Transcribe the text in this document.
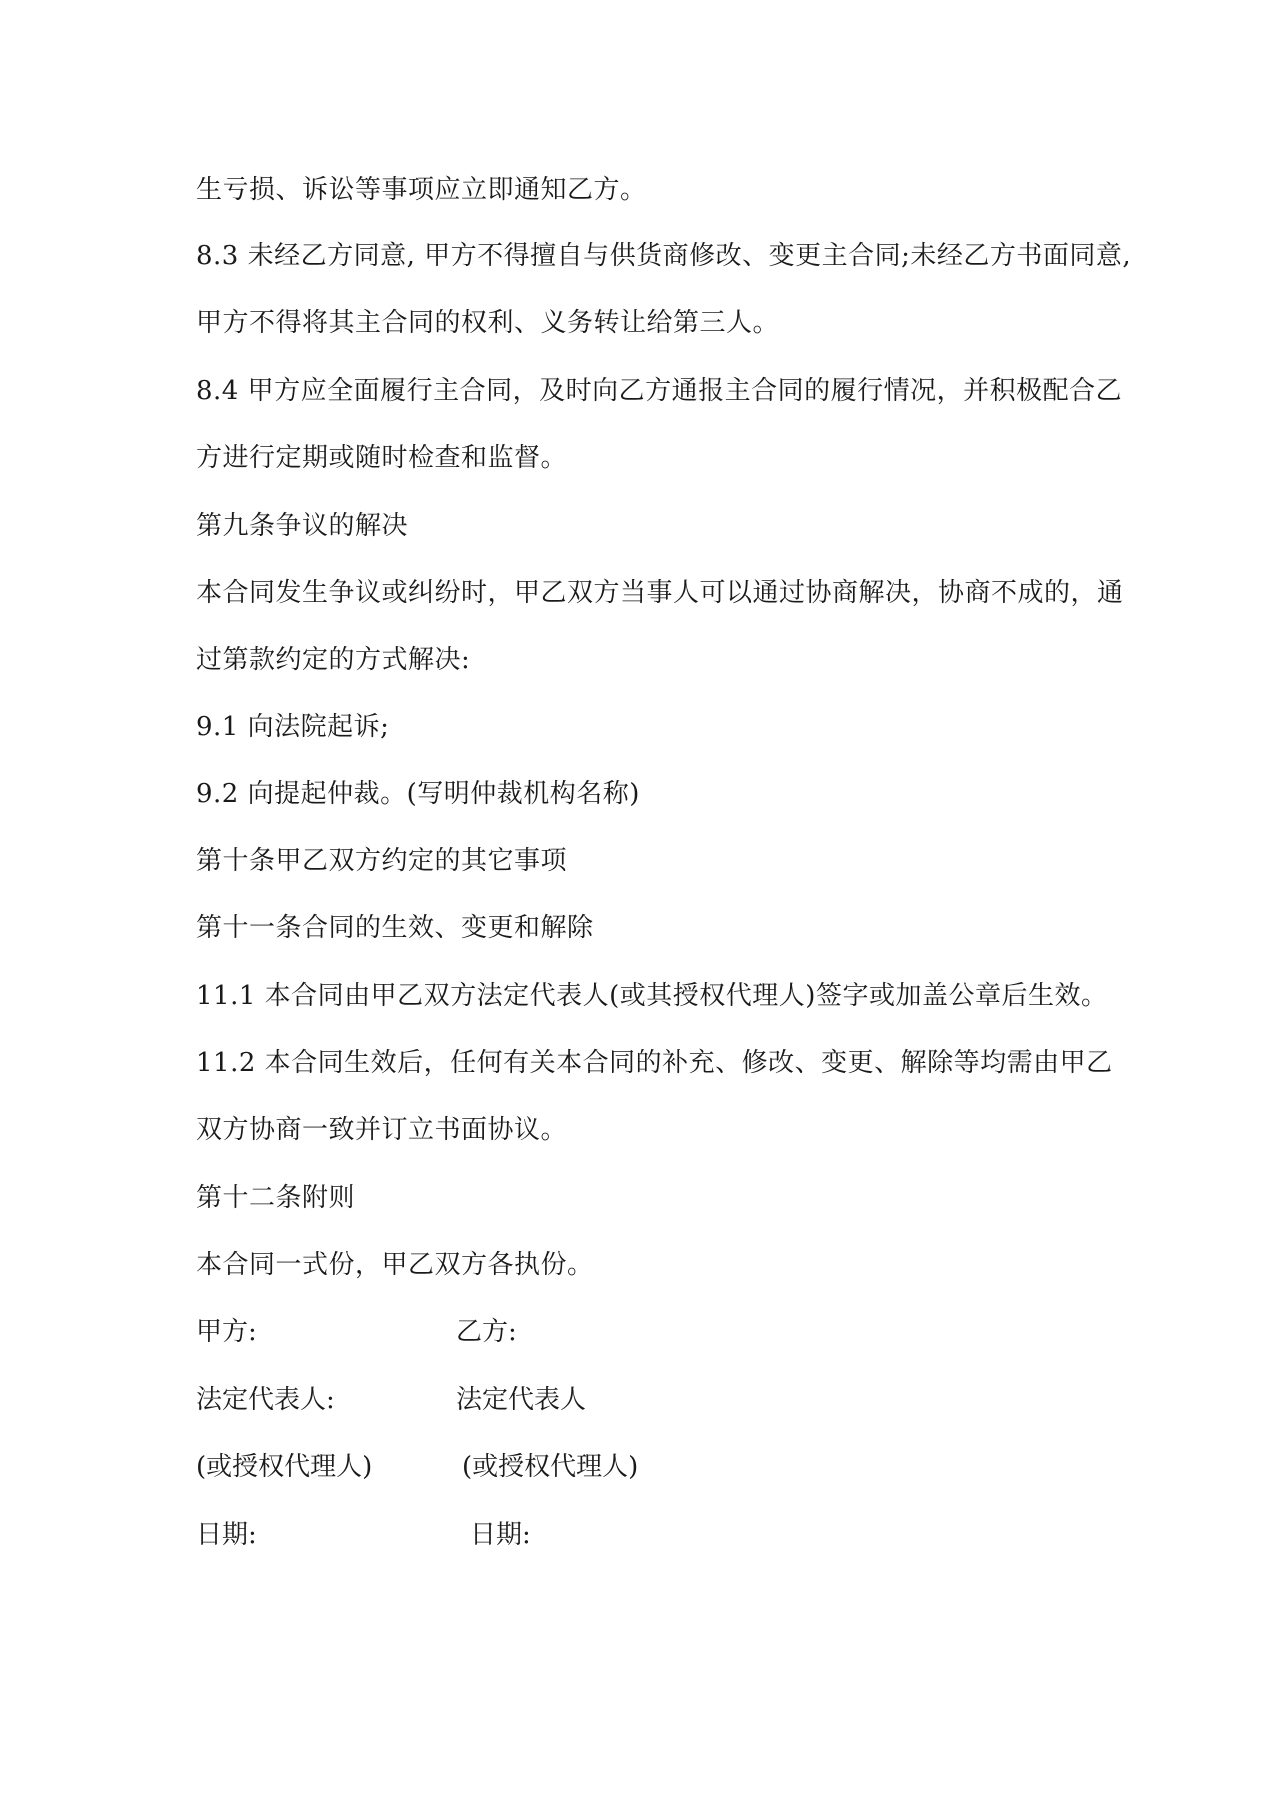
生亏损、诉讼等事项应立即通知乙方。
8.3 未经乙方同意, 甲方不得擅自与供货商修改、变更主合同;未经乙方书面同意,
甲方不得将其主合同的权利、义务转让给第三人。
8.4 甲方应全面履行主合同，及时向乙方通报主合同的履行情况，并积极配合乙
方进行定期或随时检查和监督。
第九条争议的解决
本合同发生争议或纠纷时，甲乙双方当事人可以通过协商解决，协商不成的，通
过第款约定的方式解决:
9.1 向法院起诉;
9.2 向提起仲裁。(写明仲裁机构名称)
第十条甲乙双方约定的其它事项
第十一条合同的生效、变更和解除
11.1 本合同由甲乙双方法定代表人(或其授权代理人)签字或加盖公章后生效。
11.2 本合同生效后，任何有关本合同的补充、修改、变更、解除等均需由甲乙
双方协商一致并订立书面协议。
第十二条附则
本合同一式份，甲乙双方各执份。
甲方:	乙方:
法定代表人:	法定代表人
(或授权代理人)	(或授权代理人)
日期:	日期:
